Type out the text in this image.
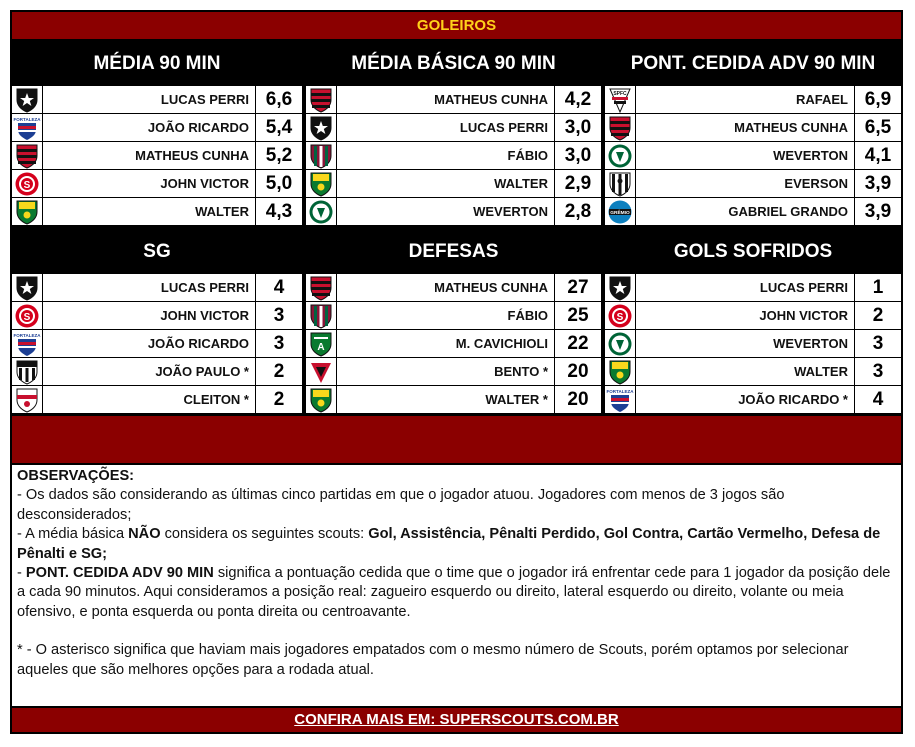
GOLEIROS
MÉDIA 90 MIN
LUCAS PERRI 6,6
FORTALEZA
JOÃO RICARDO 5,4
MATHEUS CUNHA 5,2
S	JOHN VICTOR 5,0
WALTER 4,3
MÉDIA BÁSICA 90 MIN
MATHEUS CUNHA 4,2
LUCAS PERRI 3,0
FÁBIO 3,0
WALTER 2,9
WEVERTON 2,8
PONT. CEDIDA ADV 90 MIN
SPFC	RAFAEL 6,9
MATHEUS CUNHA 6,5
WEVERTON 4,1
EVERSON 3,9
GRÊMIO	GABRIEL GRANDO 3,9
SG
LUCAS PERRI	4
S	JOHN VICTOR	3
FORTALEZA
JOÃO RICARDO	3
JOÃO PAULO *	2
CLEITON *	2
DEFESAS
MATHEUS CUNHA	27
FÁBIO	25
A	M. CAVICHIOLI	22
BENTO *	20
WALTER *	20
GOLS SOFRIDOS
LUCAS PERRI	1
S	JOHN VICTOR	2
WEVERTON	3
WALTER	3
FORTALEZA
JOÃO RICARDO *	4

OBSERVAÇÕES:

- Os dados são considerando as últimas cinco partidas em que o jogador atuou. Jogadores com menos de 3 jogos são desconsiderados;

- A média básica NÃO considera os seguintes scouts: Gol, Assistência, Pênalti Perdido, Gol Contra, Cartão Vermelho, Defesa de Pênalti e SG;

- PONT. CEDIDA ADV 90 MIN significa a pontuação cedida que o time que o jogador irá enfrentar cede para 1 jogador da posição dele a cada 90 minutos. Aqui consideramos a posição real: zagueiro esquerdo ou direito, lateral esquerdo ou direito, volante ou meia ofensivo, e ponta esquerda ou ponta direita ou centroavante.

* - O asterisco significa que haviam mais jogadores empatados com o mesmo número de Scouts, porém optamos por selecionar aqueles que são melhores opções para a rodada atual.

CONFIRA MAIS EM: SUPERSCOUTS.COM.BR
